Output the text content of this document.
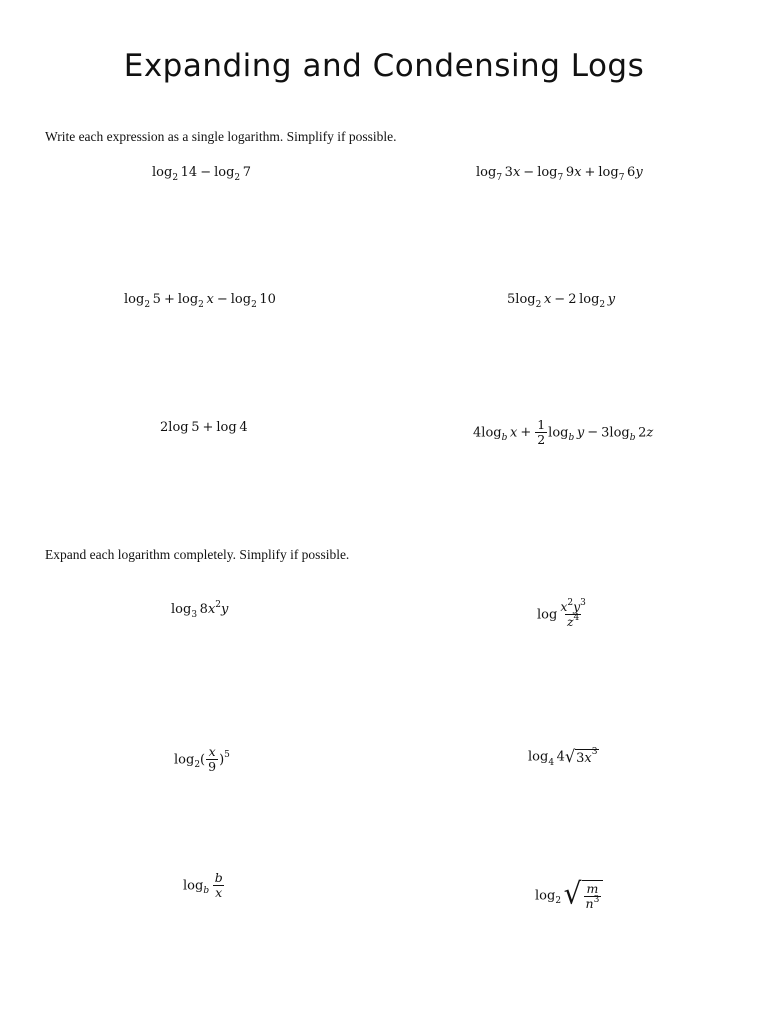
Expanding and Condensing Logs
Write each expression as a single logarithm. Simplify if possible.
$\log_2 14 - \log_2 7$	$\log_7 3x - \log_7 9x + \log_7 6y$
$\log_2 5 + \log_2 x - \log_2 10$	$5\log_2$  x − 2  $\log_2 y$
2log  5 + log  4	$4\log_b$  $x + \frac{1}{2} \log_b y - 3\log_b$  2z
Expand each logarithm completely. Simplify if possible.
$\log_3 8x^2y$	$\log \frac{x^2y^3}{z^4}$
$\log_2( \frac{x}{9} )^5$	$\log_4 4$ √ 3 x 3
$\log_b \frac{b}{x}$	$\log_2$  √ $\frac{m}{n^3}$
